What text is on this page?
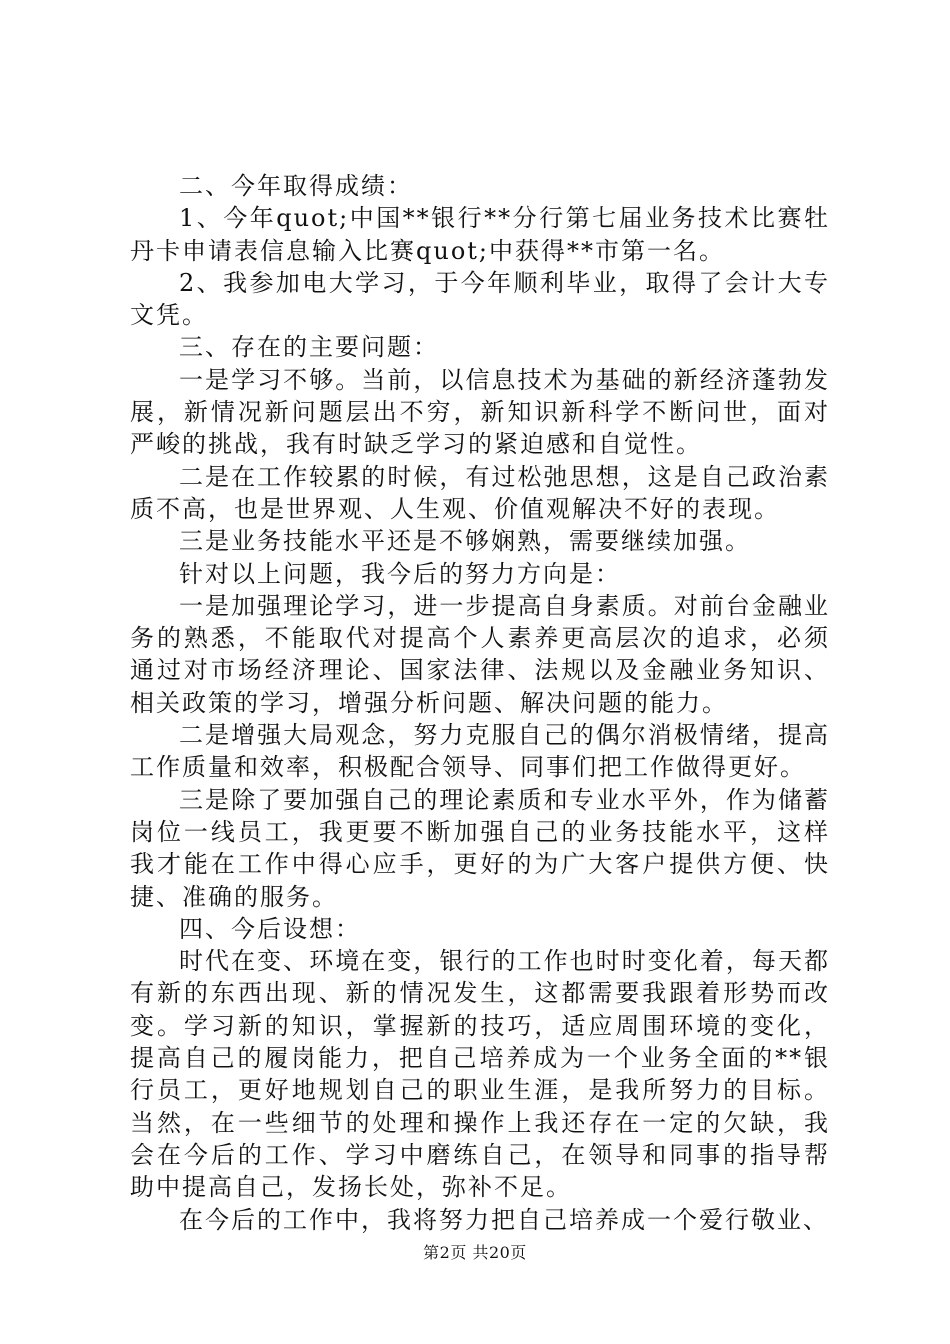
二、今年取得成绩：

1、今年quot;中国**银行**分行第七届业务技术比赛牡丹卡申请表信息输入比赛quot;中获得**市第一名。

2、我参加电大学习，于今年顺利毕业，取得了会计大专文凭。

三、存在的主要问题：

一是学习不够。当前，以信息技术为基础的新经济蓬勃发展，新情况新问题层出不穷，新知识新科学不断问世，面对严峻的挑战，我有时缺乏学习的紧迫感和自觉性。

二是在工作较累的时候，有过松弛思想，这是自己政治素质不高，也是世界观、人生观、价值观解决不好的表现。

三是业务技能水平还是不够娴熟，需要继续加强。

针对以上问题，我今后的努力方向是：

一是加强理论学习，进一步提高自身素质。对前台金融业务的熟悉，不能取代对提高个人素养更高层次的追求，必须通过对市场经济理论、国家法律、法规以及金融业务知识、相关政策的学习，增强分析问题、解决问题的能力。

二是增强大局观念，努力克服自己的偶尔消极情绪，提高工作质量和效率，积极配合领导、同事们把工作做得更好。

三是除了要加强自己的理论素质和专业水平外，作为储蓄岗位一线员工，我更要不断加强自己的业务技能水平，这样我才能在工作中得心应手，更好的为广大客户提供方便、快捷、准确的服务。

四、今后设想：

时代在变、环境在变，银行的工作也时时变化着，每天都有新的东西出现、新的情况发生，这都需要我跟着形势而改变。学习新的知识，掌握新的技巧，适应周围环境的变化，提高自己的履岗能力，把自己培养成为一个业务全面的**银行员工，更好地规划自己的职业生涯，是我所努力的目标。当然，在一些细节的处理和操作上我还存在一定的欠缺，我会在今后的工作、学习中磨练自己，在领导和同事的指导帮助中提高自己，发扬长处，弥补不足。

在今后的工作中，我将努力把自己培养成一个爱行敬业、

第2页 共20页
